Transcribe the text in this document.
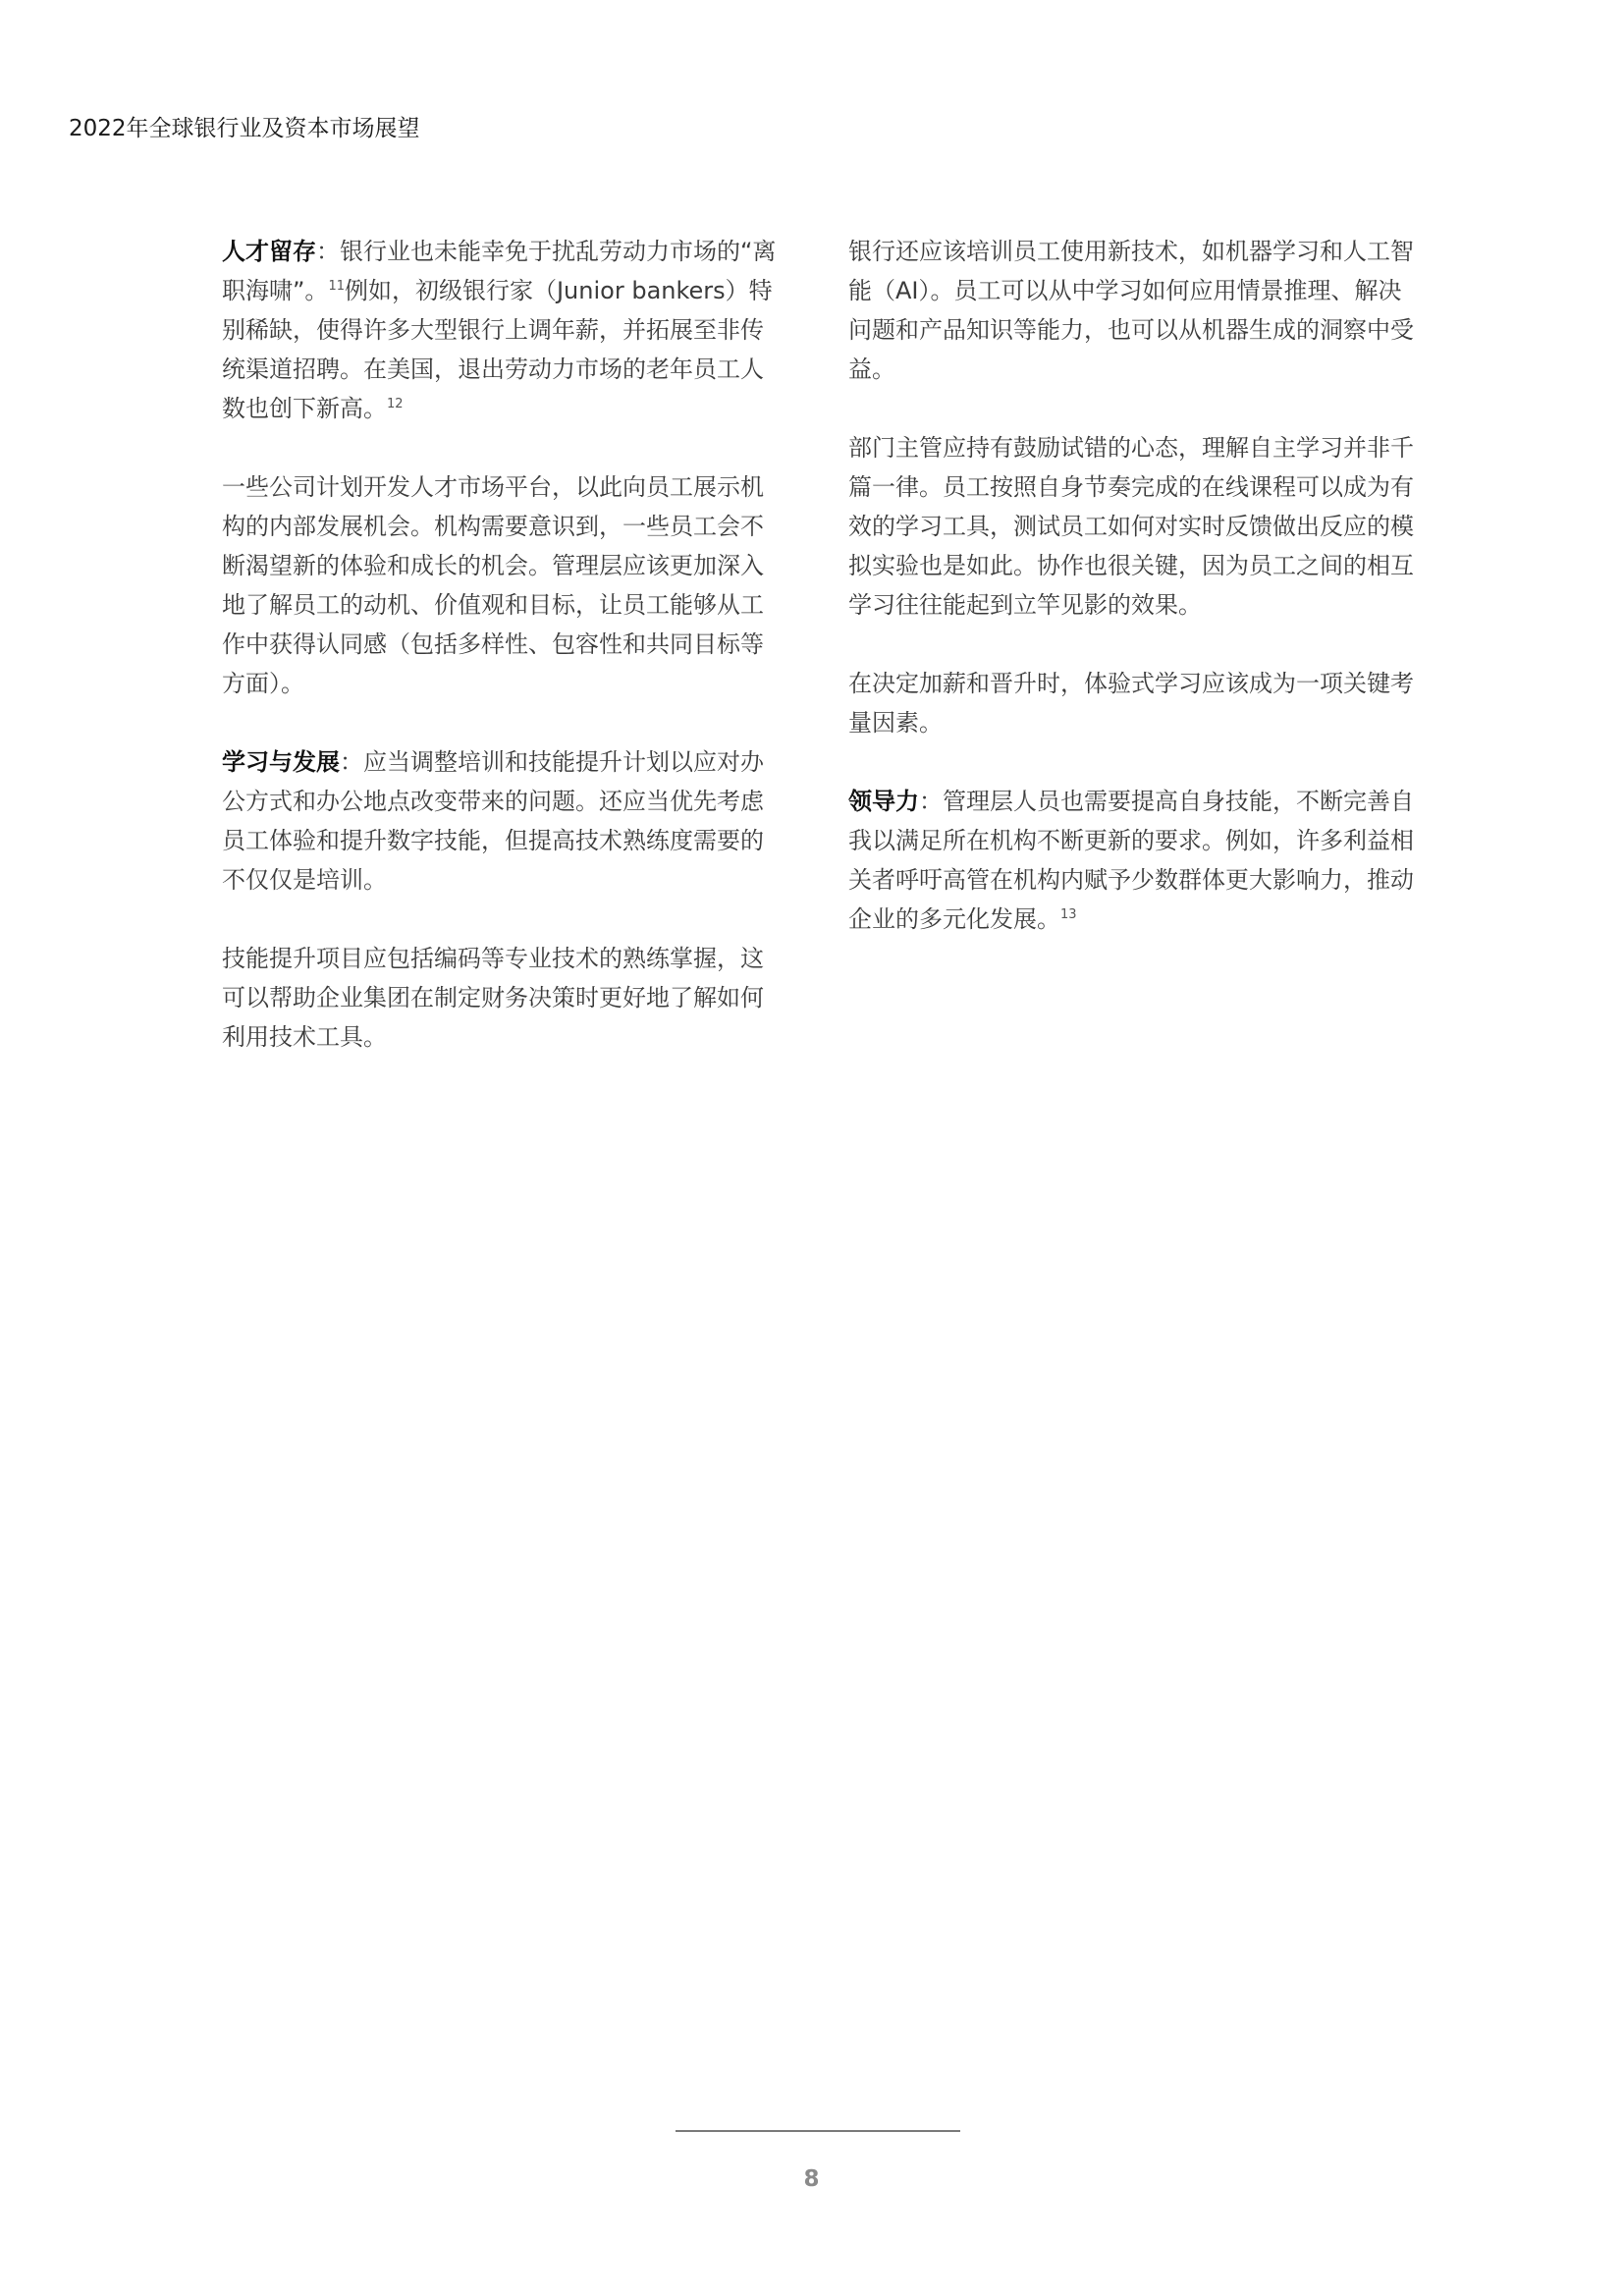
2022年全球银行业及资本市场展望

人才留存：银行业也未能幸免于扰乱劳动力市场的“离职海啸”。$^{11}$例如，初级银行家（Junior bankers）特别稀缺，使得许多大型银行上调年薪，并拓展至非传统渠道招聘。在美国，退出劳动力市场的老年员工人数也创下新高。$^{12}$

一些公司计划开发人才市场平台，以此向员工展示机构的内部发展机会。机构需要意识到，一些员工会不断渴望新的体验和成长的机会。管理层应该更加深入地了解员工的动机、价值观和目标，让员工能够从工作中获得认同感（包括多样性、包容性和共同目标等方面）。

学习与发展：应当调整培训和技能提升计划以应对办公方式和办公地点改变带来的问题。还应当优先考虑员工体验和提升数字技能，但提高技术熟练度需要的不仅仅是培训。

技能提升项目应包括编码等专业技术的熟练掌握，这可以帮助企业集团在制定财务决策时更好地了解如何利用技术工具。

银行还应该培训员工使用新技术，如机器学习和人工智能（AI）。员工可以从中学习如何应用情景推理、解决问题和产品知识等能力，也可以从机器生成的洞察中受益。

部门主管应持有鼓励试错的心态，理解自主学习并非千篇一律。员工按照自身节奏完成的在线课程可以成为有效的学习工具，测试员工如何对实时反馈做出反应的模拟实验也是如此。协作也很关键，因为员工之间的相互学习往往能起到立竿见影的效果。

在决定加薪和晋升时，体验式学习应该成为一项关键考量因素。

领导力：管理层人员也需要提高自身技能，不断完善自我以满足所在机构不断更新的要求。例如，许多利益相关者呼吁高管在机构内赋予少数群体更大影响力，推动企业的多元化发展。$^{13}$

8
